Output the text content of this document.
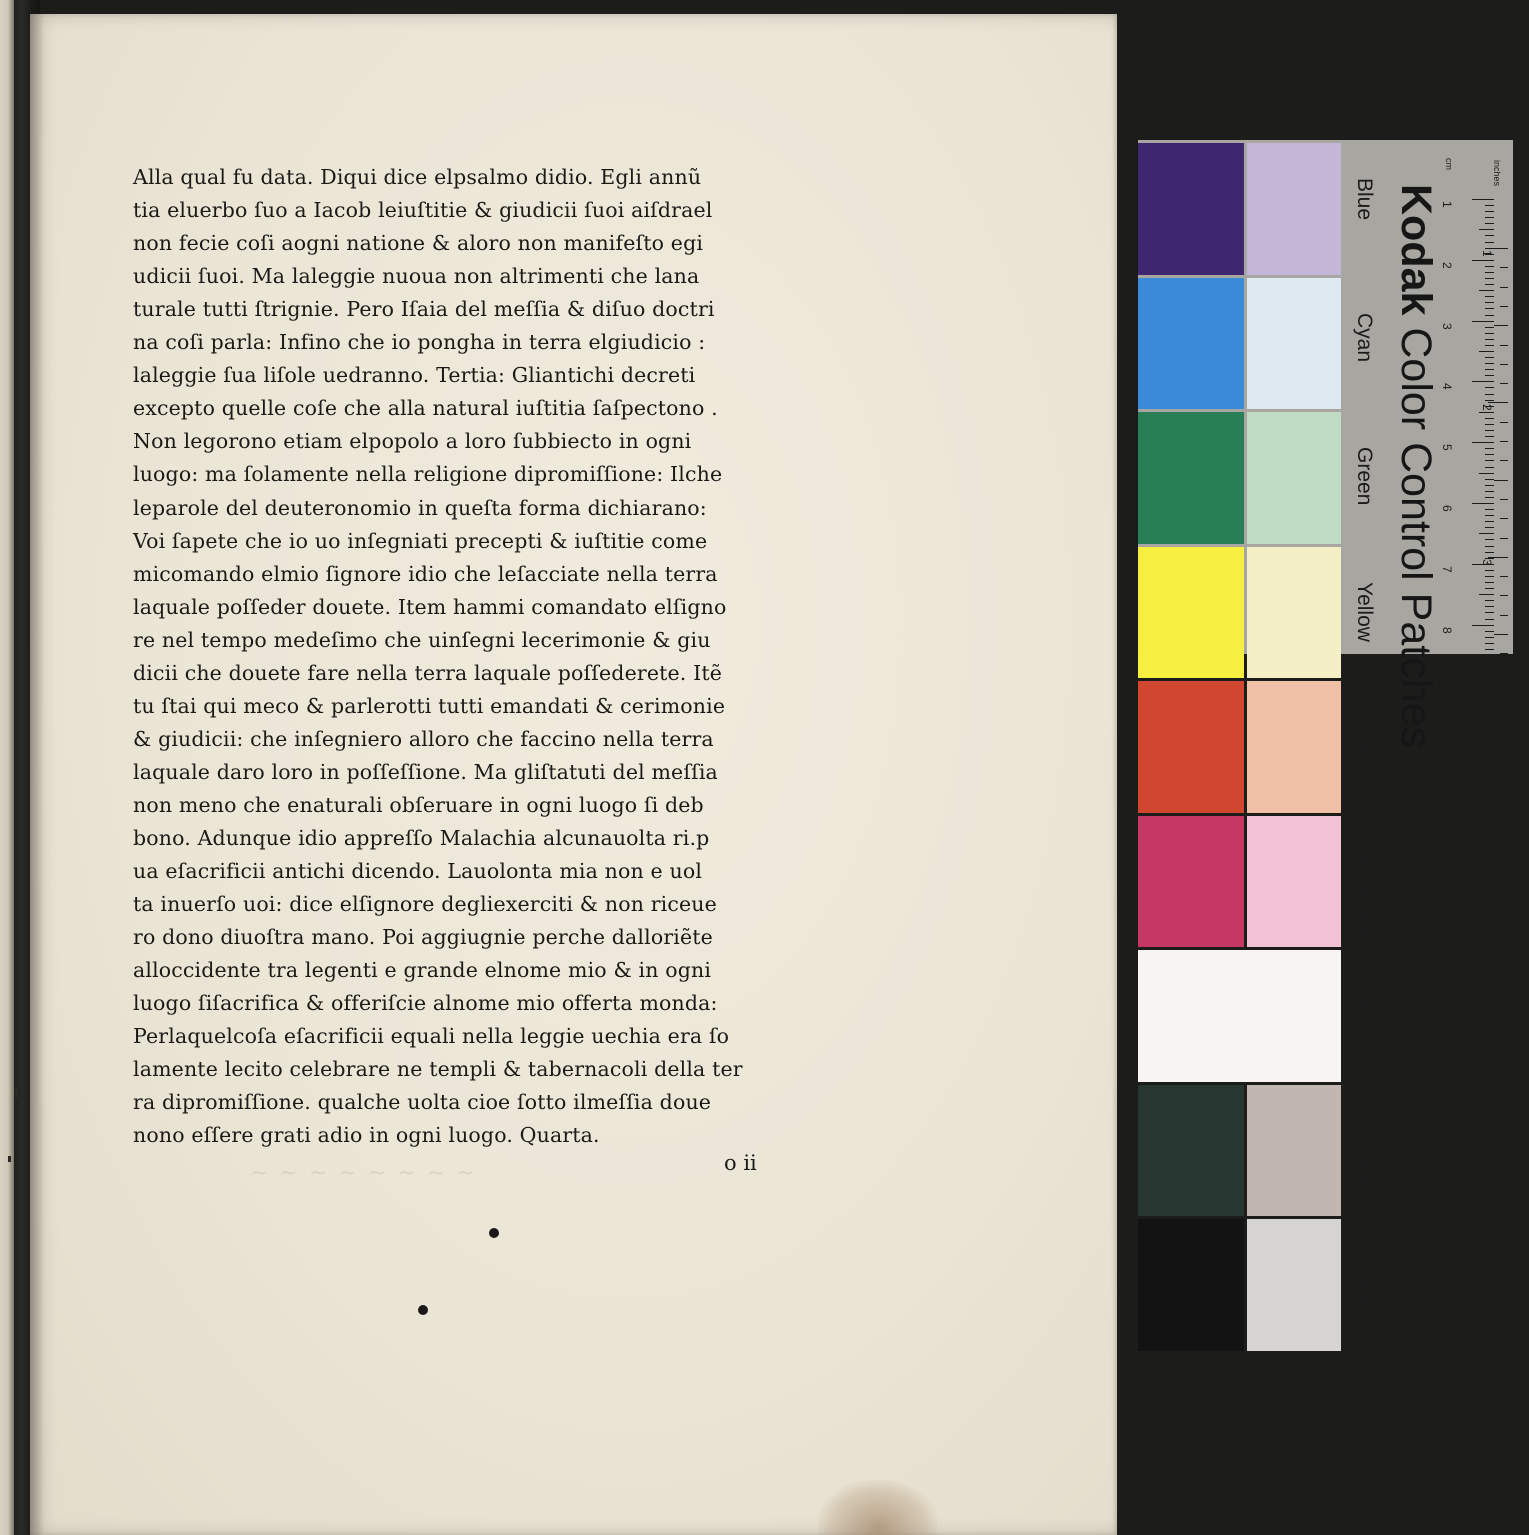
Alla qual fu data. Diqui dice elpsalmo didio. Egli annũ
tia eluerbo ſuo a Iacob leiuſtitie & giudicii ſuoi aiſdrael
non fecie coſi aogni natione & aloro non manifeſto egi
udicii ſuoi. Ma laleggie nuoua non altrimenti che lana
turale tutti ſtrignie. Pero Iſaia del meſſia & diſuo doctri
na coſi parla: Infino che io pongha in terra elgiudicio :
laleggie ſua liſole uedranno. Tertia: Gliantichi decreti
excepto quelle coſe che alla natural iuſtitia ſaſpectono .
Non legorono etiam elpopolo a loro ſubbiecto in ogni
luogo: ma ſolamente nella religione dipromiſſione: Ilche
leparole del deuteronomio in queſta forma dichiarano:
Voi ſapete che io uo inſegniati precepti & iuſtitie come
micomando elmio ſignore idio che leſacciate nella terra
laquale poſſeder douete. Item hammi comandato elſigno
re nel tempo medeſimo che uinſegni lecerimonie & giu
dicii che douete fare nella terra laquale poſſederete. Itẽ
tu ſtai qui meco & parlerotti tutti emandati & cerimonie
& giudicii: che inſegniero alloro che faccino nella terra
laquale daro loro in poſſeſſione. Ma gliſtatuti del meſſia
non meno che enaturali obſeruare in ogni luogo ſi deb
bono. Adunque idio appreſſo Malachia alcunauolta ri.p
ua eſacrificii antichi dicendo. Lauolonta mia non e uol
ta inuerſo uoi: dice elſignore degliexerciti & non riceue
ro dono diuoſtra mano. Poi aggiugnie perche dalloriẽte
alloccidente tra legenti e grande elnome mio & in ogni
luogo ſiſacrifica & offeriſcie alnome mio offerta monda:
Perlaquelcoſa eſacrificii equali nella leggie uechia era ſo
lamente lecito celebrare ne templi & tabernacoli della ter
ra dipromiſſione. qualche uolta cioe ſotto ilmeſſia doue
nono eſſere grati adio in ogni luogo. Quarta.
~ ~ ~ ~ ~ ~ ~ ~	o ii
Kodak Color Control Patches
© Kodak, 2007 TM: Kodak
inches
cm
1
2
3
4
5
6
7
8
1
2
3
Blue
Cyan
Green
Yellow
Red
Magenta
White
3/Color
Black
